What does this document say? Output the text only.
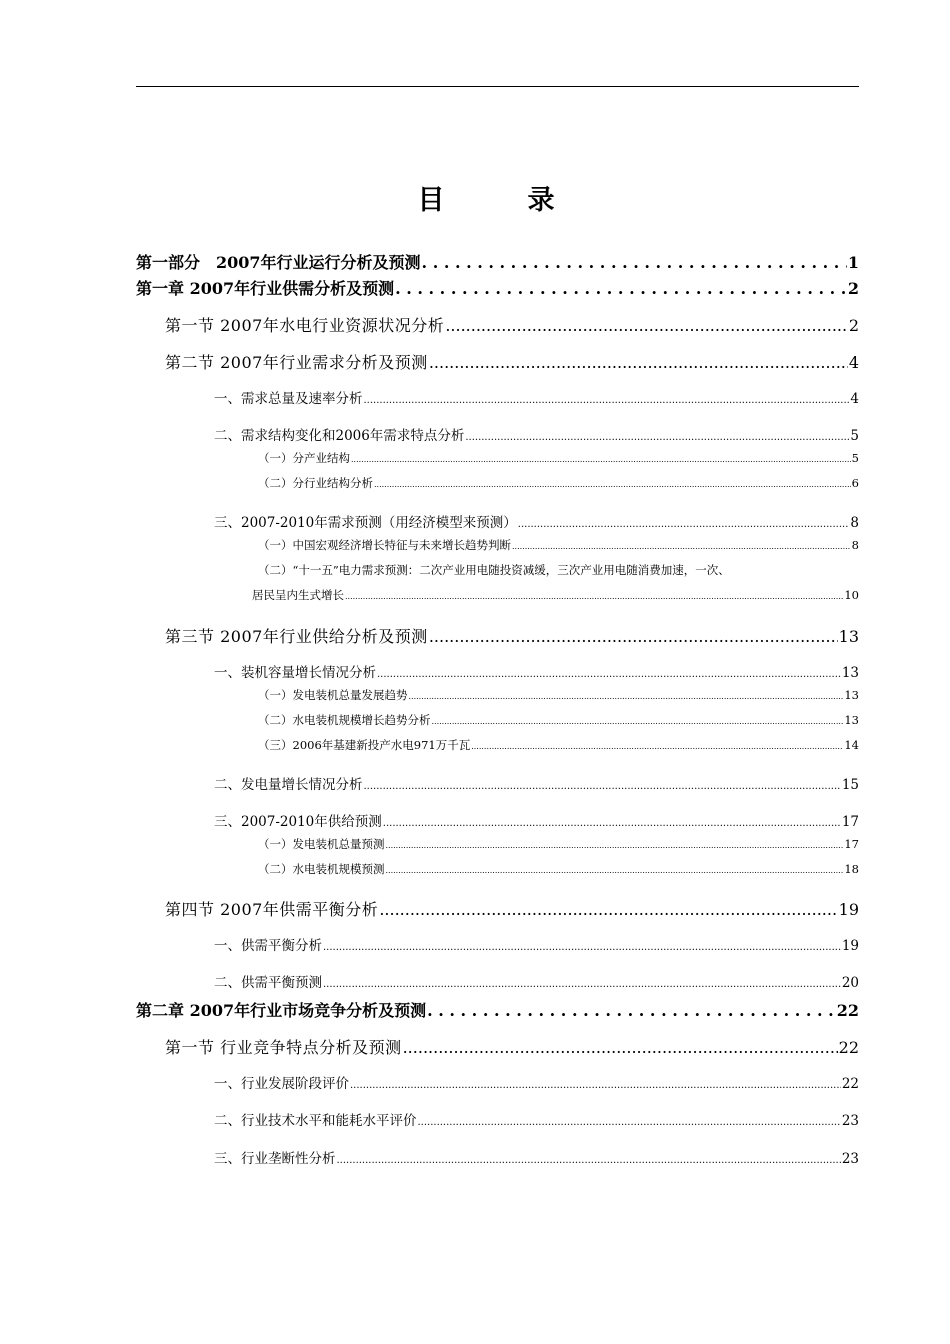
目　录
第一部分　2007年行业运行分析及预测 . . .	1
第一章 2007年行业供需分析及预测 . . .	2
第一节 2007年水电行业资源状况分析 .....	2
第二节 2007年行业需求分析及预测 .....	4
一、需求总量及速率分析 .....	4
二、需求结构变化和2006年需求特点分析 .....	5
（一）分产业结构 .....	5
（二）分行业结构分析 .....	6
三、2007-2010年需求预测（用经济模型来预测） .....	8
（一）中国宏观经济增长特征与未来增长趋势判断 .....	8
（二）“十一五”电力需求预测：二次产业用电随投资减缓，三次产业用电随消费加速，一次、
居民呈内生式增长 .....	10
第三节 2007年行业供给分析及预测 .....	13
一、装机容量增长情况分析 .....	13
（一）发电装机总量发展趋势 .....	13
（二）水电装机规模增长趋势分析 .....	13
（三）2006年基建新投产水电971万千瓦 .....	14
二、发电量增长情况分析 .....	15
三、2007-2010年供给预测 .....	17
（一）发电装机总量预测 .....	17
（二）水电装机规模预测 .....	18
第四节 2007年供需平衡分析 .....	19
一、供需平衡分析 .....	19
二、供需平衡预测 .....	20
第二章 2007年行业市场竞争分析及预测 . . .	22
第一节 行业竞争特点分析及预测 .....	22
一、行业发展阶段评价 .....	22
二、行业技术水平和能耗水平评价 .....	23
三、行业垄断性分析 .....	23
